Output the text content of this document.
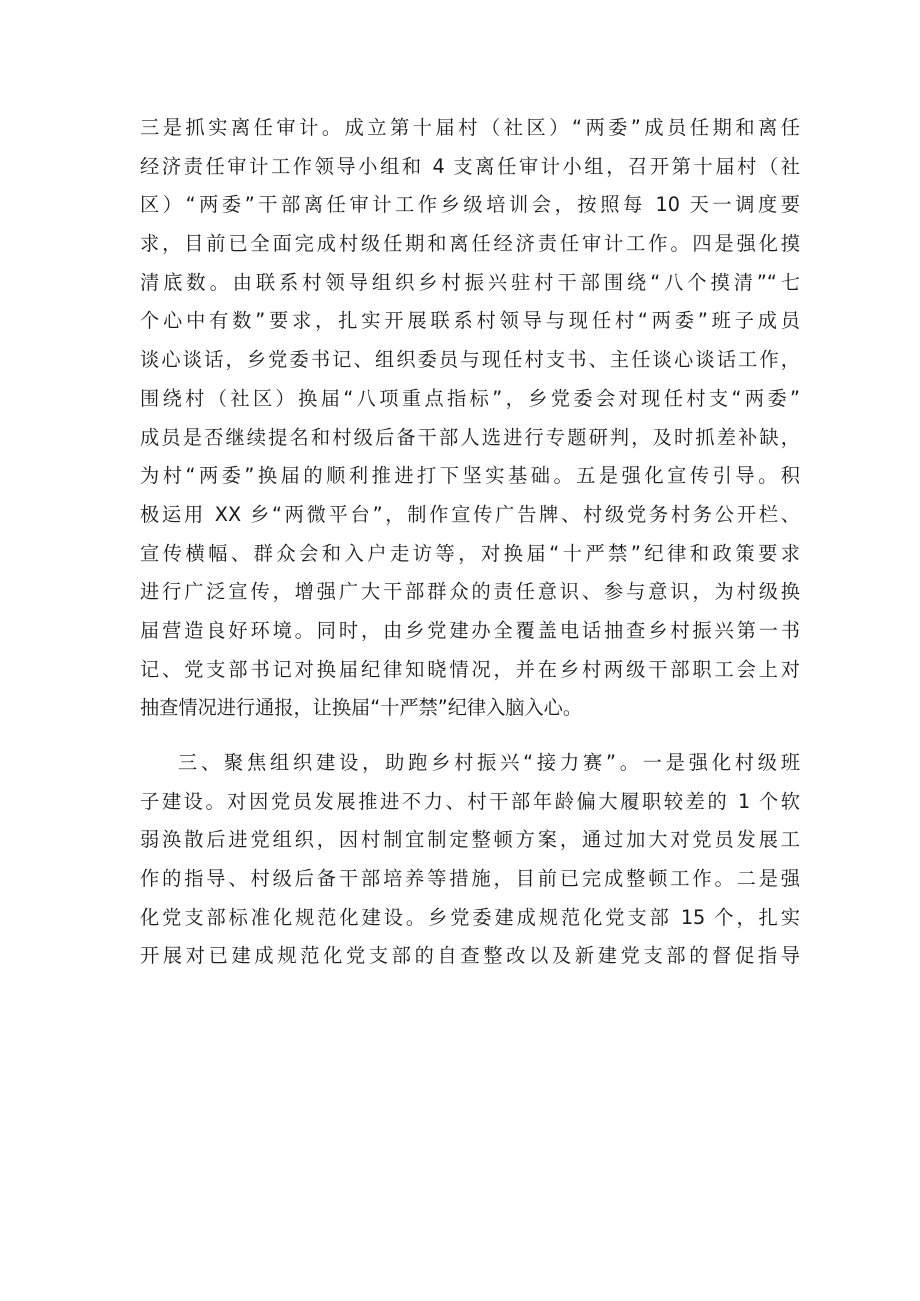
三是抓实离任审计。成立第十届村（社区）“两委”成员任期和离任
经济责任审计工作领导小组和 4 支离任审计小组，召开第十届村（社
区）“两委”干部离任审计工作乡级培训会，按照每 10 天一调度要
求，目前已全面完成村级任期和离任经济责任审计工作。四是强化摸
清底数。由联系村领导组织乡村振兴驻村干部围绕“八个摸清”“七
个心中有数”要求，扎实开展联系村领导与现任村“两委”班子成员
谈心谈话，乡党委书记、组织委员与现任村支书、主任谈心谈话工作，
围绕村（社区）换届“八项重点指标”，乡党委会对现任村支“两委”
成员是否继续提名和村级后备干部人选进行专题研判，及时抓差补缺，
为村“两委”换届的顺利推进打下坚实基础。五是强化宣传引导。积
极运用 XX 乡“两微平台”，制作宣传广告牌、村级党务村务公开栏、
宣传横幅、群众会和入户走访等，对换届“十严禁”纪律和政策要求
进行广泛宣传，增强广大干部群众的责任意识、参与意识，为村级换
届营造良好环境。同时，由乡党建办全覆盖电话抽查乡村振兴第一书
记、党支部书记对换届纪律知晓情况，并在乡村两级干部职工会上对
抽查情况进行通报，让换届“十严禁”纪律入脑入心。
三、聚焦组织建设，助跑乡村振兴“接力赛”。一是强化村级班
子建设。对因党员发展推进不力、村干部年龄偏大履职较差的 1 个软
弱涣散后进党组织，因村制宜制定整顿方案，通过加大对党员发展工
作的指导、村级后备干部培养等措施，目前已完成整顿工作。二是强
化党支部标准化规范化建设。乡党委建成规范化党支部 15 个，扎实
开展对已建成规范化党支部的自查整改以及新建党支部的督促指导
